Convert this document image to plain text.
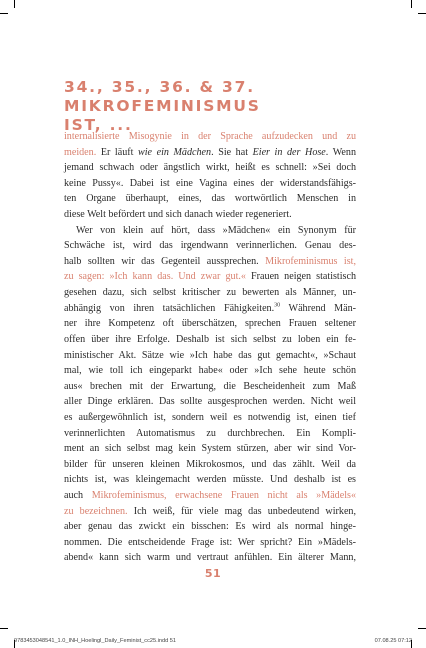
34., 35., 36. & 37. MIKROFEMINISMUS
IST, ...
internalisierte Misogynie in der Sprache aufzudecken und zu
meiden. Er läuft wie ein Mädchen. Sie hat Eier in der Hose. Wenn
jemand schwach oder ängstlich wirkt, heißt es schnell: »Sei doch
keine Pussy«. Dabei ist eine Vagina eines der widerstandsfähigs-
ten Organe überhaupt, eines, das wortwörtlich Menschen in
diese Welt befördert und sich danach wieder regeneriert.
Wer von klein auf hört, dass »Mädchen« ein Synonym für
Schwäche ist, wird das irgendwann verinnerlichen. Genau des-
halb sollten wir das Gegenteil aussprechen. Mikrofeminismus ist,
zu sagen: »Ich kann das. Und zwar gut.« Frauen neigen statistisch
gesehen dazu, sich selbst kritischer zu bewerten als Männer, un-
abhängig von ihren tatsächlichen Fähigkeiten.$^{30}$ Während Män-
ner ihre Kompetenz oft überschätzen, sprechen Frauen seltener
offen über ihre Erfolge. Deshalb ist sich selbst zu loben ein fe-
ministischer Akt. Sätze wie »Ich habe das gut gemacht«, »Schaut
mal, wie toll ich eingeparkt habe« oder »Ich sehe heute schön
aus« brechen mit der Erwartung, die Bescheidenheit zum Maß
aller Dinge erklären. Das sollte ausgesprochen werden. Nicht weil
es außergewöhnlich ist, sondern weil es notwendig ist, einen tief
verinnerlichten Automatismus zu durchbrechen. Ein Kompli-
ment an sich selbst mag kein System stürzen, aber wir sind Vor-
bilder für unseren kleinen Mikrokosmos, und das zählt. Weil da
nichts ist, was kleingemacht werden müsste. Und deshalb ist es
auch Mikrofeminismus, erwachsene Frauen nicht als »Mädels«
zu bezeichnen. Ich weiß, für viele mag das unbedeutend wirken,
aber genau das zwickt ein bisschen: Es wird als normal hinge-
nommen. Die entscheidende Frage ist: Wer spricht? Ein »Mädels-
abend« kann sich warm und vertraut anfühlen. Ein älterer Mann,
51
9783453048541_1.0_INH_Hoelingl_Daily_Feminist_cc25.indd 51	07.08.25 07:12
